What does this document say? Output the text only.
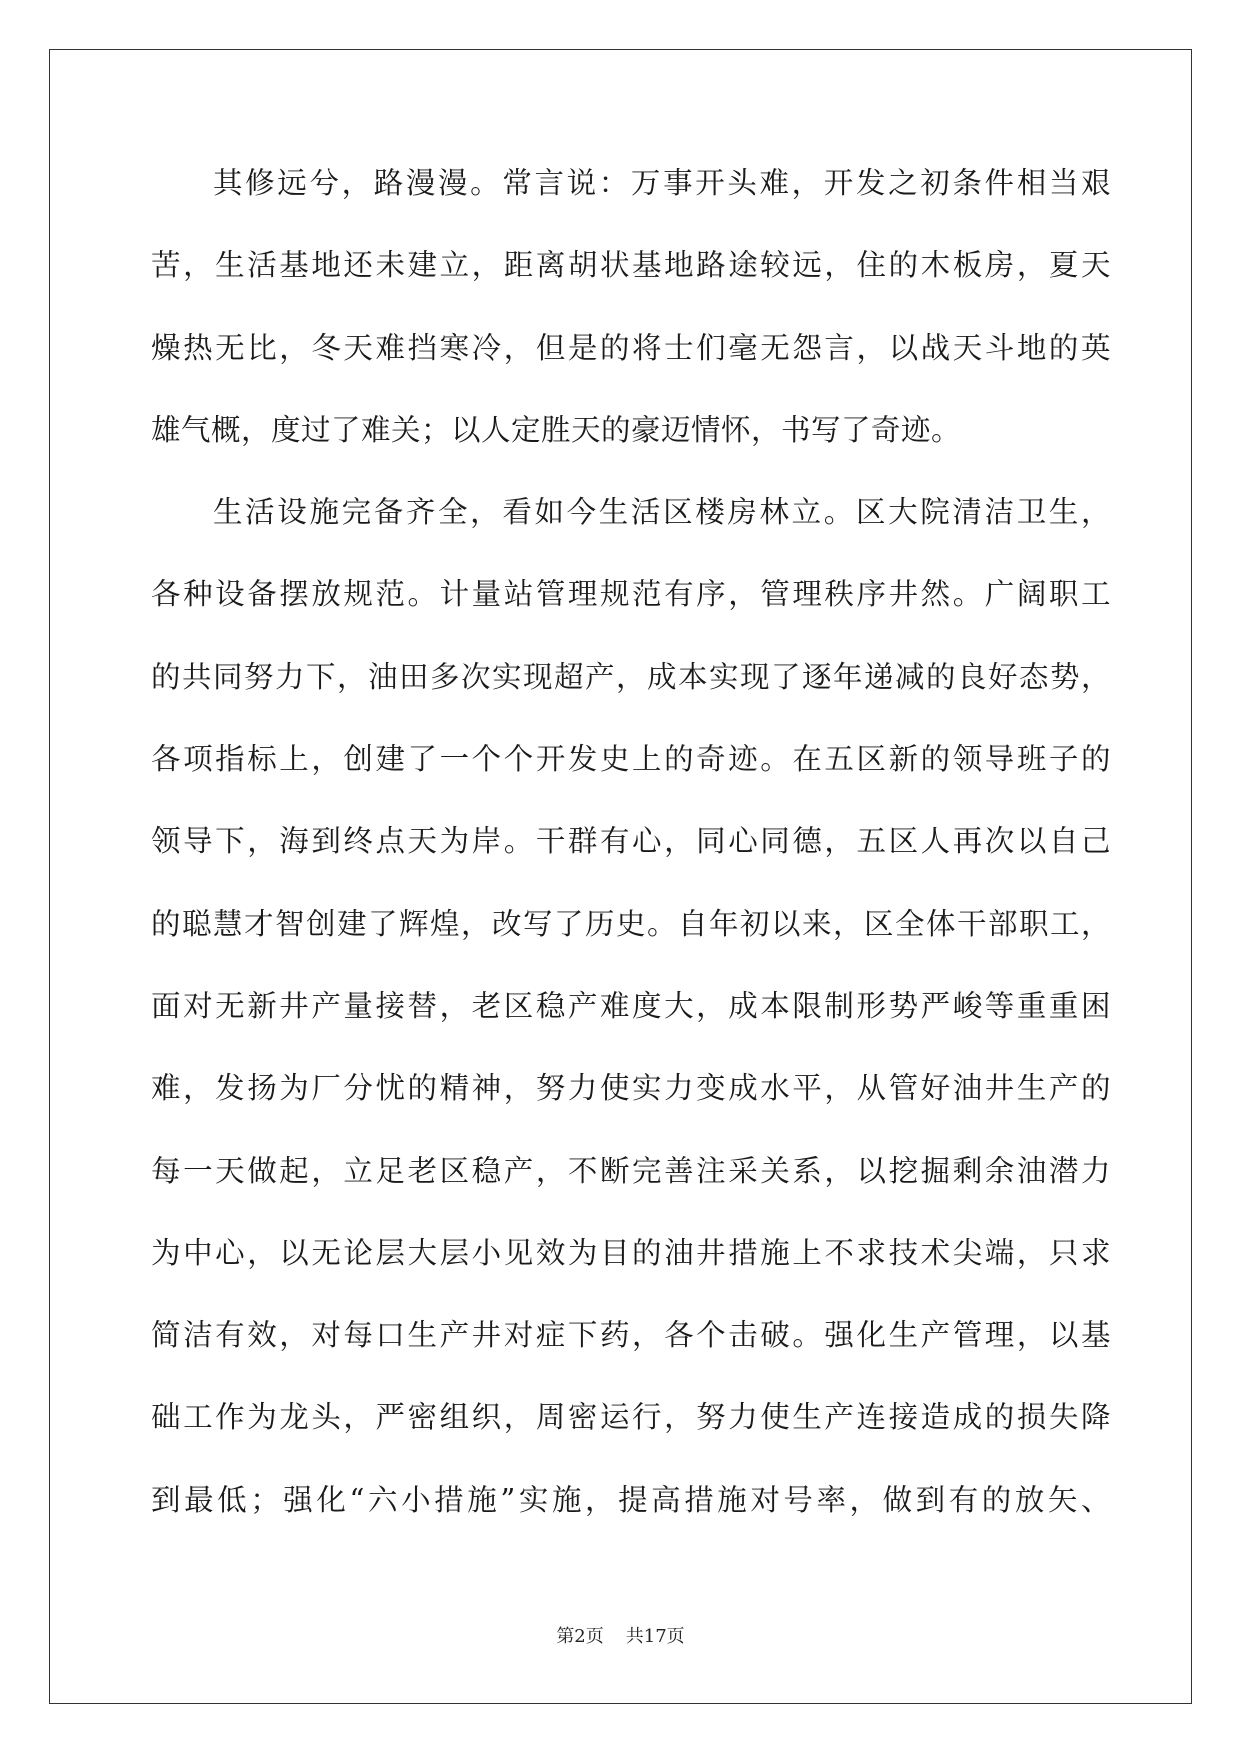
其修远兮，路漫漫。常言说：万事开头难，开发之初条件相当艰
苦，生活基地还未建立，距离胡状基地路途较远，住的木板房，夏天
燥热无比，冬天难挡寒冷，但是的将士们毫无怨言，以战天斗地的英
雄气概，度过了难关；以人定胜天的豪迈情怀，书写了奇迹。
生活设施完备齐全，看如今生活区楼房林立。区大院清洁卫生，
各种设备摆放规范。计量站管理规范有序，管理秩序井然。广阔职工
的共同努力下，油田多次实现超产，成本实现了逐年递减的良好态势，
各项指标上，创建了一个个开发史上的奇迹。在五区新的领导班子的
领导下，海到终点天为岸。干群有心，同心同德，五区人再次以自己
的聪慧才智创建了辉煌，改写了历史。自年初以来，区全体干部职工，
面对无新井产量接替，老区稳产难度大，成本限制形势严峻等重重困
难，发扬为厂分忧的精神，努力使实力变成水平，从管好油井生产的
每一天做起，立足老区稳产，不断完善注采关系，以挖掘剩余油潜力
为中心，以无论层大层小见效为目的油井措施上不求技术尖端，只求
简洁有效，对每口生产井对症下药，各个击破。强化生产管理，以基
础工作为龙头，严密组织，周密运行，努力使生产连接造成的损失降
到最低；强化“六小措施”实施，提高措施对号率，做到有的放矢、
第2页 共17页
